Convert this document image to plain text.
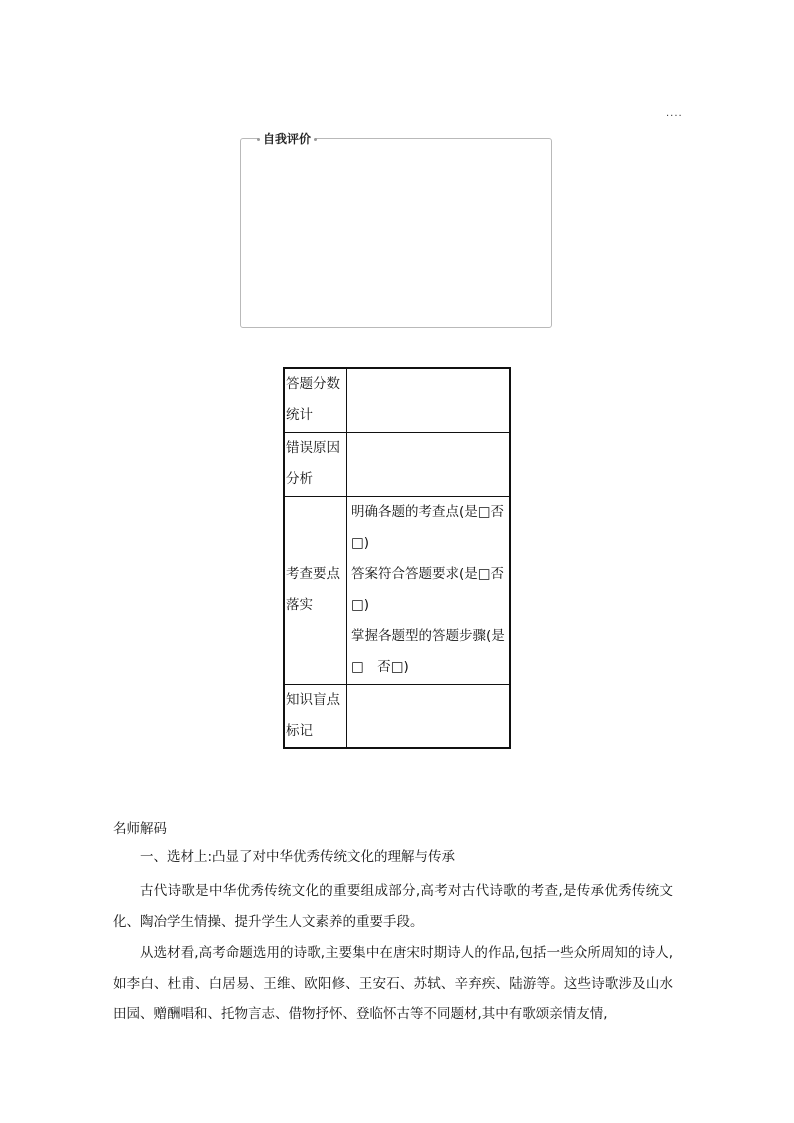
....
自我评价
答题分数统计	
错误原因分析	
考查要点落实	明确各题的考查点(是□否□)
答案符合答题要求(是□否□)
掌握各题型的答题步骤(是□　否□)

知识盲点标记	

名师解码

一、选材上:凸显了对中华优秀传统文化的理解与传承

古代诗歌是中华优秀传统文化的重要组成部分,高考对古代诗歌的考查,是传承优秀传统文化、陶冶学生情操、提升学生人文素养的重要手段。

从选材看,高考命题选用的诗歌,主要集中在唐宋时期诗人的作品,包括一些众所周知的诗人,如李白、杜甫、白居易、王维、欧阳修、王安石、苏轼、辛弃疾、陆游等。这些诗歌涉及山水田园、赠酬唱和、托物言志、借物抒怀、登临怀古等不同题材,其中有歌颂亲情友情,
